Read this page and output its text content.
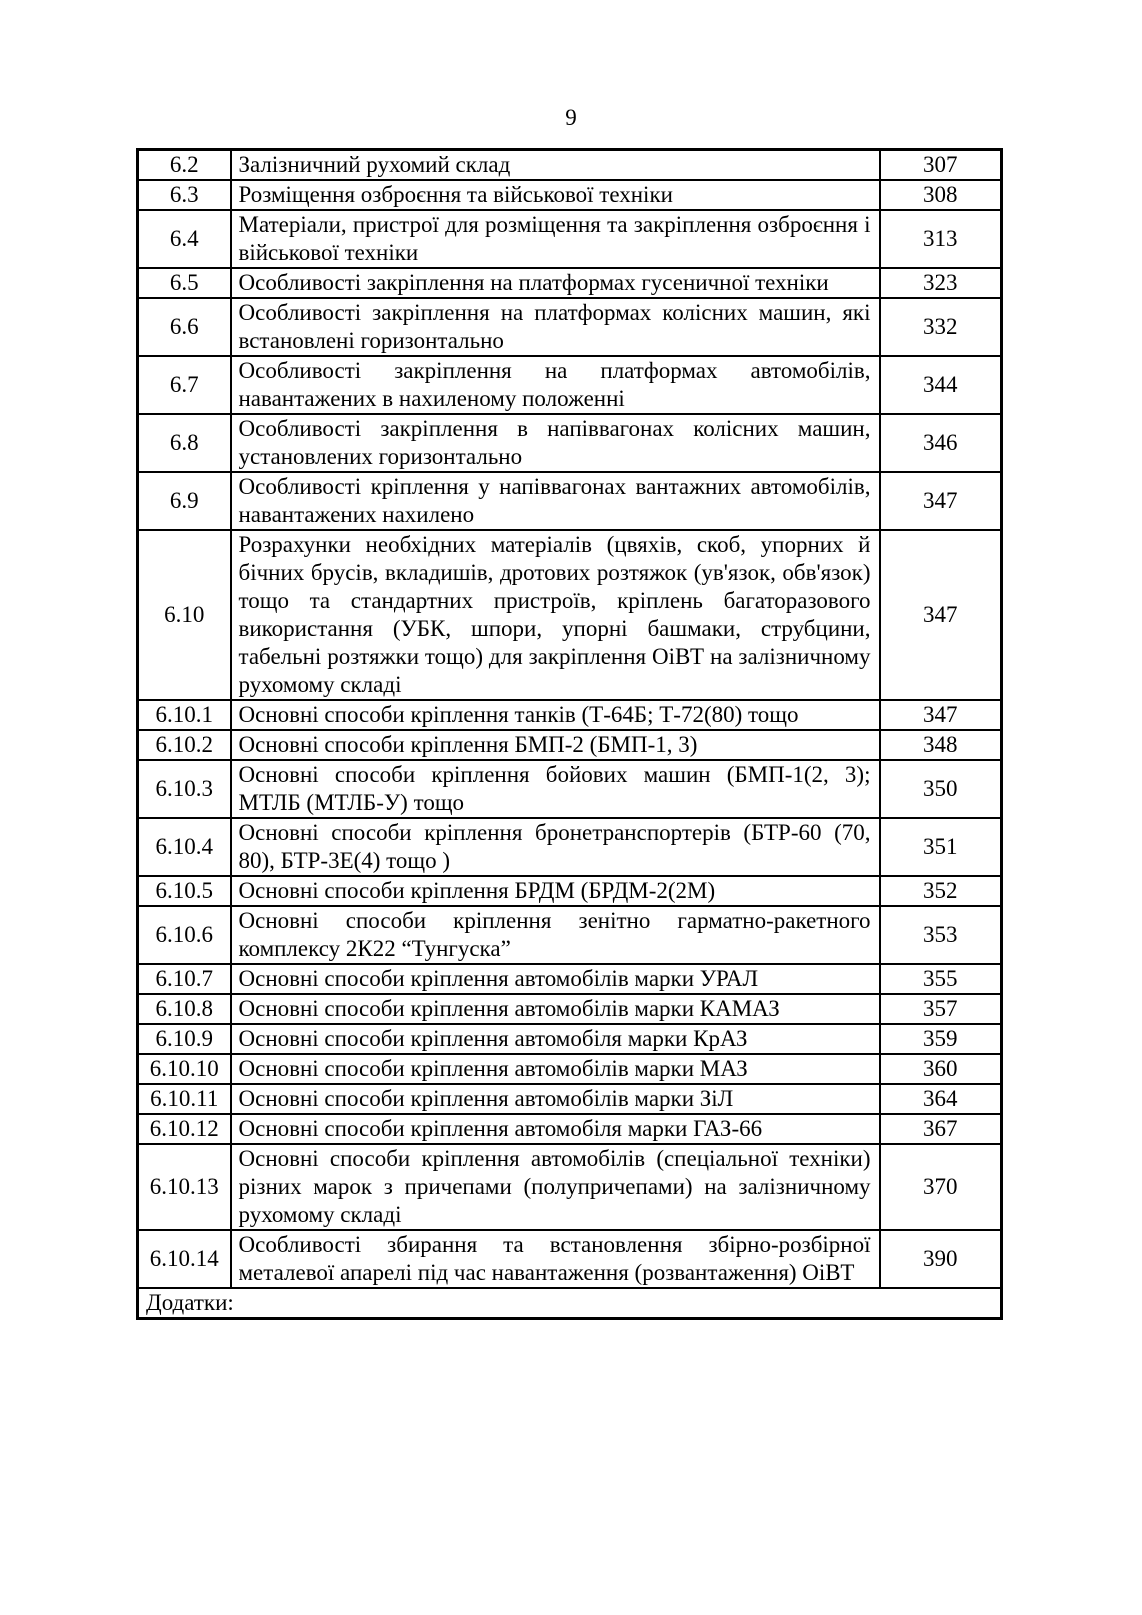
9
6.2	Залізничний рухомий склад	307
6.3	Розміщення озброєння та військової техніки	308
6.4	Матеріали, пристрої для розміщення та закріплення озброєння і військової техніки	313
6.5	Особливості закріплення на платформах гусеничної техніки	323
6.6	Особливості закріплення на платформах колісних машин, які встановлені горизонтально	332
6.7	Особливості закріплення на платформах автомобілів, навантажених в нахиленому положенні	344
6.8	Особливості закріплення в напіввагонах колісних машин, установлених горизонтально	346
6.9	Особливості кріплення у напіввагонах вантажних автомобілів, навантажених нахилено	347
6.10	Розрахунки необхідних матеріалів (цвяхів, скоб, упорних й бічних брусів, вкладишів, дротових розтяжок (ув'язок, обв'язок) тощо та стандартних пристроїв, кріплень багаторазового використання (УБК, шпори, упорні башмаки, струбцини, табельні розтяжки тощо) для закріплення ОіВТ на залізничному рухомому складі	347
6.10.1	Основні способи кріплення танків (Т-64Б; Т-72(80) тощо	347
6.10.2	Основні способи кріплення БМП-2 (БМП-1, 3)	348
6.10.3	Основні способи кріплення бойових машин (БМП-1(2, 3); МТЛБ (МТЛБ-У) тощо	350
6.10.4	Основні способи кріплення бронетранспортерів (БТР-60 (70, 80), БТР-3Е(4) тощо )	351
6.10.5	Основні способи кріплення БРДМ (БРДМ-2(2М)	352
6.10.6	Основні способи кріплення зенітно гарматно-ракетного комплексу 2К22 “Тунгуска”	353
6.10.7	Основні способи кріплення автомобілів марки УРАЛ	355
6.10.8	Основні способи кріплення автомобілів марки КАМАЗ	357
6.10.9	Основні способи кріплення автомобіля марки КрАЗ	359
6.10.10	Основні способи кріплення автомобілів марки МАЗ	360
6.10.11	Основні способи кріплення автомобілів марки ЗіЛ	364
6.10.12	Основні способи кріплення автомобіля марки ГАЗ-66	367
6.10.13	Основні способи кріплення автомобілів (спеціальної техніки) різних марок з причепами (полупричепами) на залізничному рухомому складі	370
6.10.14	Особливості збирання та встановлення збірно-розбірної металевої апарелі під час навантаження (розвантаження) ОіВТ	390
Додатки:		
